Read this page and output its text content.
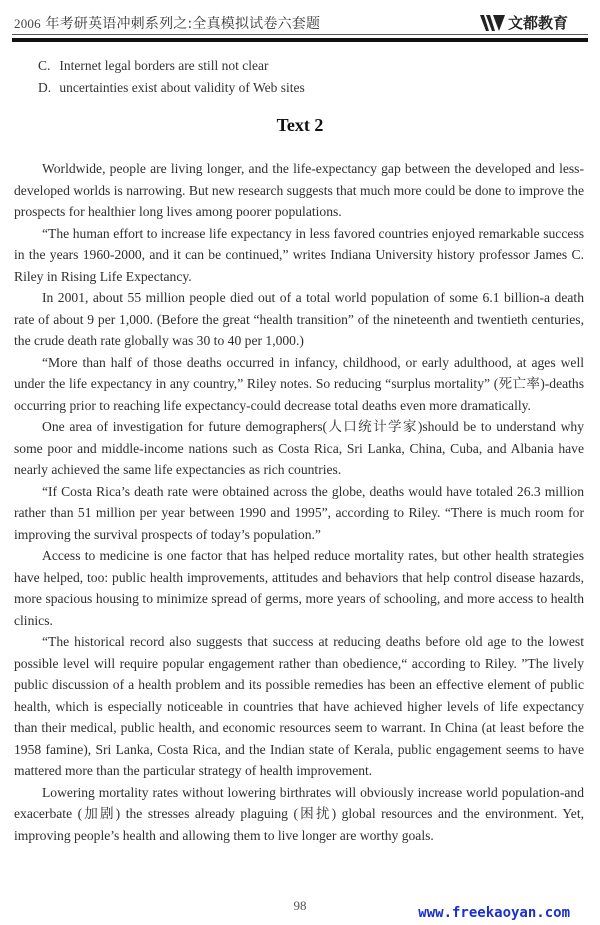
2006 年考研英语冲刺系列之:全真模拟试卷六套题	文都教育
C. Internet legal borders are still not clear
D. uncertainties exist about validity of Web sites
Text 2

Worldwide, people are living longer, and the life-expectancy gap between the developed and less-developed worlds is narrowing. But new research suggests that much more could be done to improve the prospects for healthier long lives among poorer populations.

“The human effort to increase life expectancy in less favored countries enjoyed remarkable success in the years 1960-2000, and it can be continued,” writes Indiana University history professor James C. Riley in Rising Life Expectancy.

In 2001, about 55 million people died out of a total world population of some 6.1 billion-a death rate of about 9 per 1,000. (Before the great “health transition” of the nineteenth and twentieth centuries, the crude death rate globally was 30 to 40 per 1,000.)

“More than half of those deaths occurred in infancy, childhood, or early adulthood, at ages well under the life expectancy in any country,” Riley notes. So reducing “surplus mortality” (死亡率)-deaths occurring prior to reaching life expectancy-could decrease total deaths even more dramatically.

One area of investigation for future demographers(人口统计学家)should be to understand why some poor and middle-income nations such as Costa Rica, Sri Lanka, China, Cuba, and Albania have nearly achieved the same life expectancies as rich countries.

“If Costa Rica’s death rate were obtained across the globe, deaths would have totaled 26.3 million rather than 51 million per year between 1990 and 1995”, according to Riley. “There is much room for improving the survival prospects of today’s population.”

Access to medicine is one factor that has helped reduce mortality rates, but other health strategies have helped, too: public health improvements, attitudes and behaviors that help control disease hazards, more spacious housing to minimize spread of germs, more years of schooling, and more access to health clinics.

“The historical record also suggests that success at reducing deaths before old age to the lowest possible level will require popular engagement rather than obedience,“ according to Riley. ”The lively public discussion of a health problem and its possible remedies has been an effective element of public health, which is especially noticeable in countries that have achieved higher levels of life expectancy than their medical, public health, and economic resources seem to warrant. In China (at least before the 1958 famine), Sri Lanka, Costa Rica, and the Indian state of Kerala, public engagement seems to have mattered more than the particular strategy of health improvement.

Lowering mortality rates without lowering birthrates will obviously increase world population-and exacerbate (加剧) the stresses already plaguing (困扰) global resources and the environment. Yet, improving people’s health and allowing them to live longer are worthy goals.

98	www.freekaoyan.com
